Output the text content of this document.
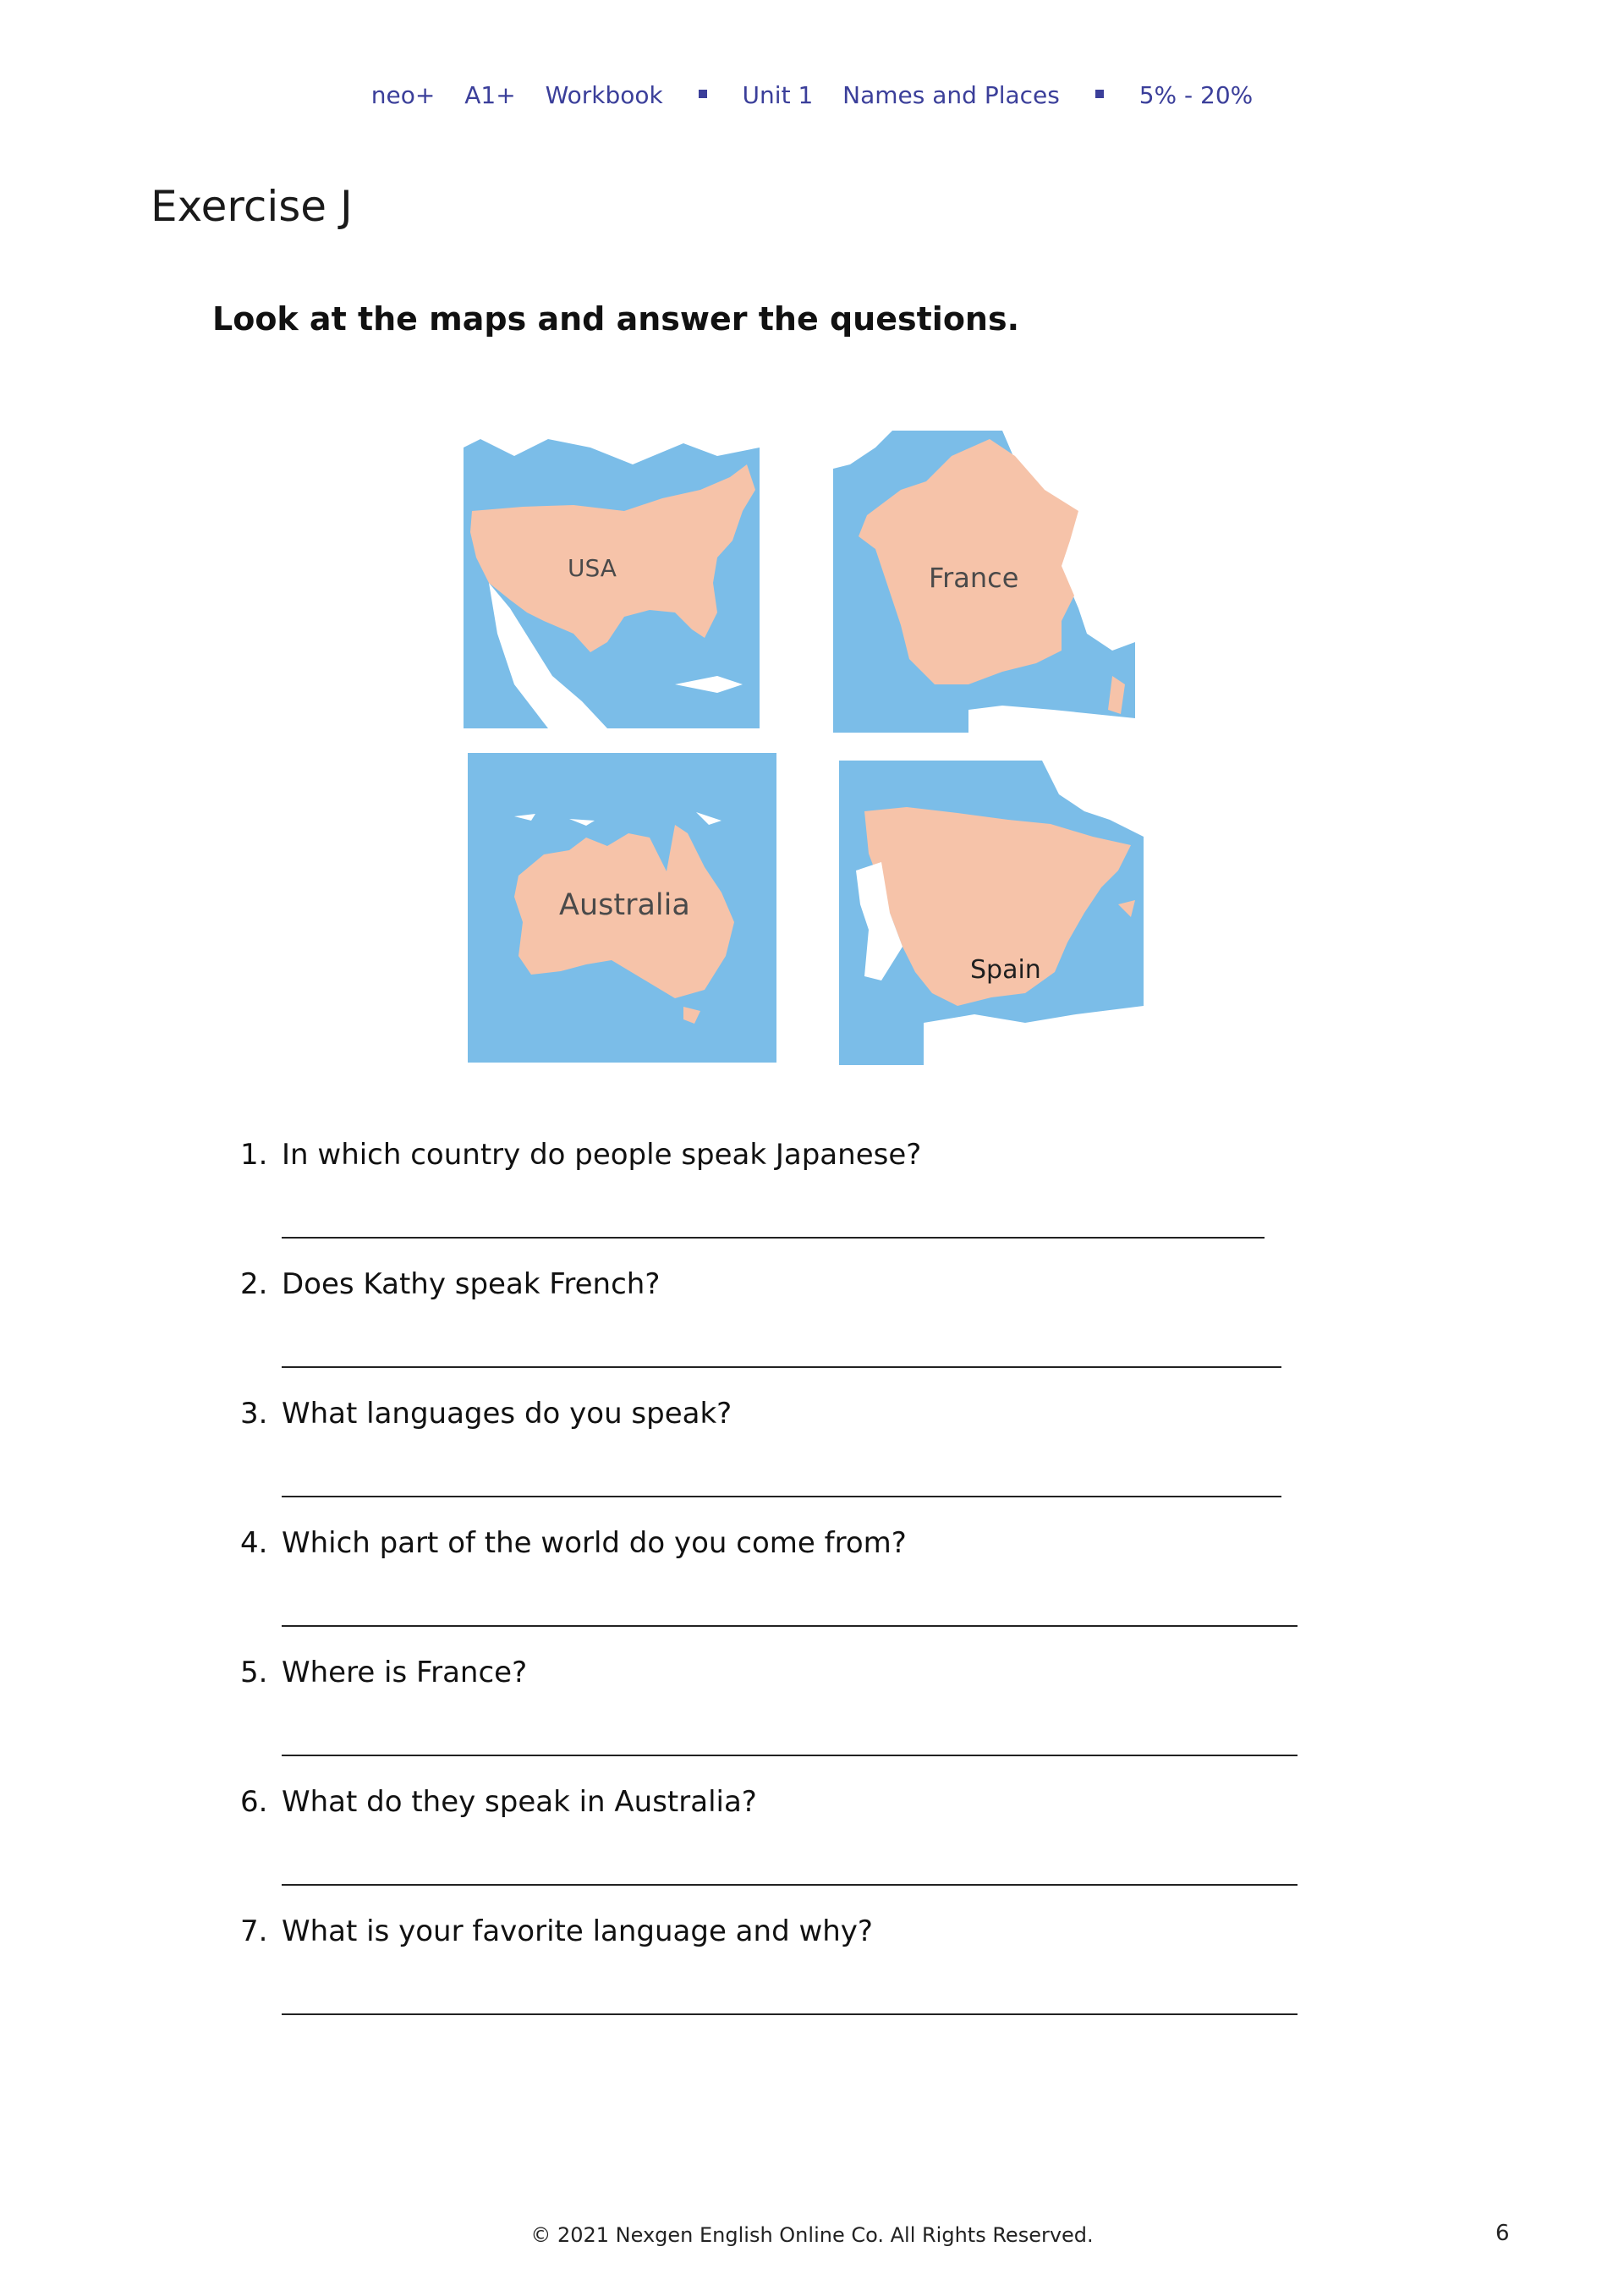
neo+ A1+ Workbook	Unit 1 Names and Places	5% - 20%
Exercise J

Look at the maps and answer the questions.

USA	France
Australia
Spain
1. In which country do people speak Japanese?
2. Does Kathy speak French?
3. What languages do you speak?
4. Which part of the world do you come from?
5. Where is France?
6. What do they speak in Australia?
7. What is your favorite language and why?
© 2021 Nexgen English Online Co. All Rights Reserved.	6
